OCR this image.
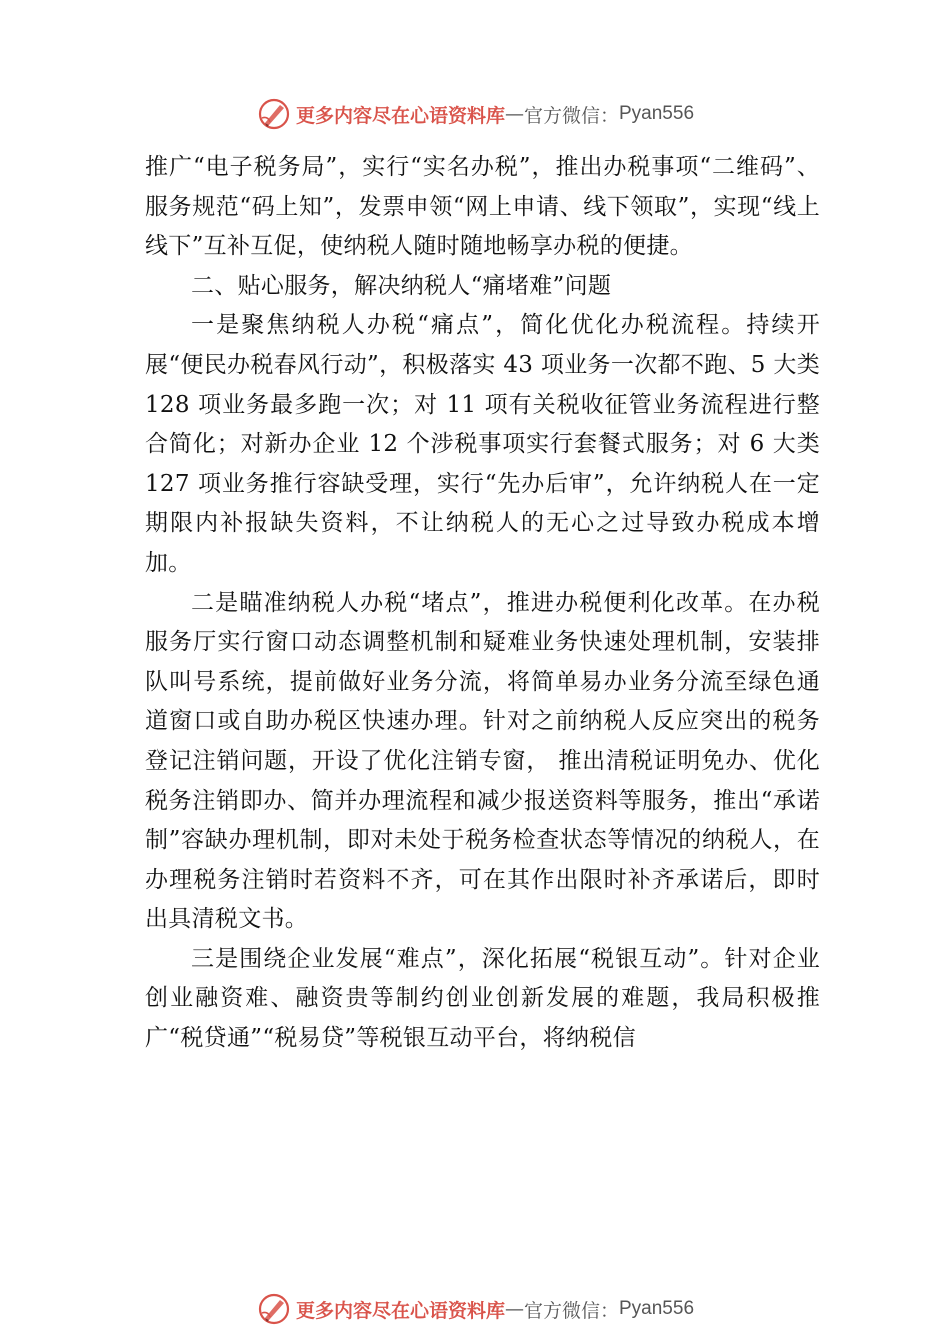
更多内容尽在心语资料库 — 官方微信： Pyan556

推广“电子税务局”，实行“实名办税”，推出办税事项“二维码”、服务规范“码上知”，发票申领“网上申请、线下领取”，实现“线上线下”互补互促，使纳税人随时随地畅享办税的便捷。

二、贴心服务，解决纳税人“痛堵难”问题

一是聚焦纳税人办税“痛点”，简化优化办税流程。持续开展“便民办税春风行动”，积极落实 43 项业务一次都不跑、5 大类 128 项业务最多跑一次；对 11 项有关税收征管业务流程进行整合简化；对新办企业 12 个涉税事项实行套餐式服务；对 6 大类 127 项业务推行容缺受理，实行“先办后审”，允许纳税人在一定期限内补报缺失资料，不让纳税人的无心之过导致办税成本增加。

二是瞄准纳税人办税“堵点”，推进办税便利化改革。在办税服务厅实行窗口动态调整机制和疑难业务快速处理机制，安装排队叫号系统，提前做好业务分流，将简单易办业务分流至绿色通道窗口或自助办税区快速办理。针对之前纳税人反应突出的税务登记注销问题，开设了优化注销专窗， 推出清税证明免办、优化税务注销即办、简并办理流程和减少报送资料等服务，推出“承诺制”容缺办理机制，即对未处于税务检查状态等情况的纳税人，在办理税务注销时若资料不齐，可在其作出限时补齐承诺后，即时出具清税文书。

三是围绕企业发展“难点”，深化拓展“税银互动”。针对企业创业融资难、融资贵等制约创业创新发展的难题，我局积极推广“税贷通”“税易贷”等税银互动平台，将纳税信

更多内容尽在心语资料库 — 官方微信： Pyan556
